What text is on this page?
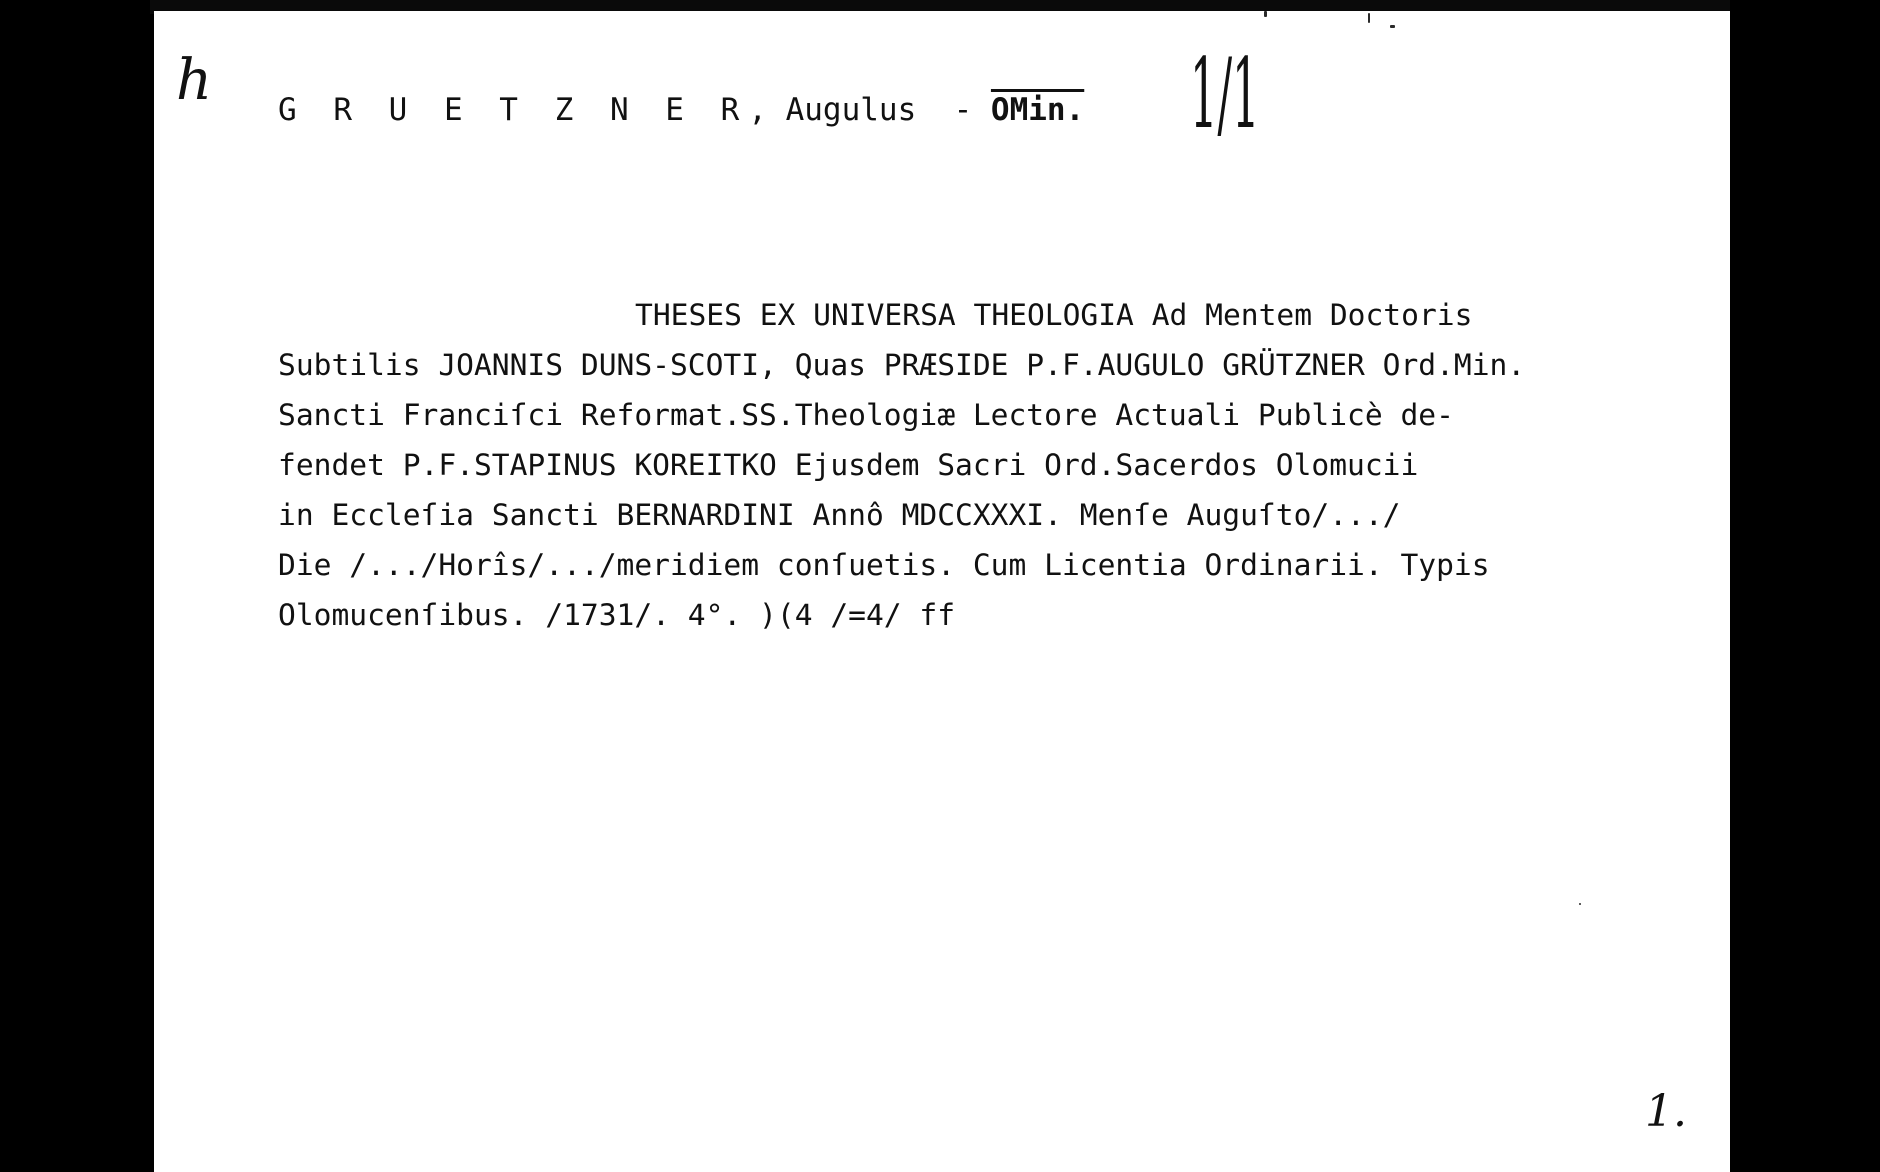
h	1/1
G R U E T Z N E R, Augulus  - OMin.
THESES EX UNIVERSA THEOLOGIA Ad Mentem Doctoris
Subtilis JOANNIS DUNS-SCOTI, Quas PRÆSIDE P.F.AUGULO GRÜTZNER Ord.Min.
Sancti Franciſci Reformat.SS.Theologiæ Lectore Actuali Publicè de-
fendet P.F.STAPINUS KOREITKO Ejusdem Sacri Ord.Sacerdos Olomucii
in Eccleſia Sancti BERNARDINI Annô MDCCXXXI. Menſe Auguſto/.../
Die /.../Horîs/.../meridiem conſuetis. Cum Licentia Ordinarii. Typis
Olomucenſibus. /1731/. 4°. )(4 /=4/ ff
1.
